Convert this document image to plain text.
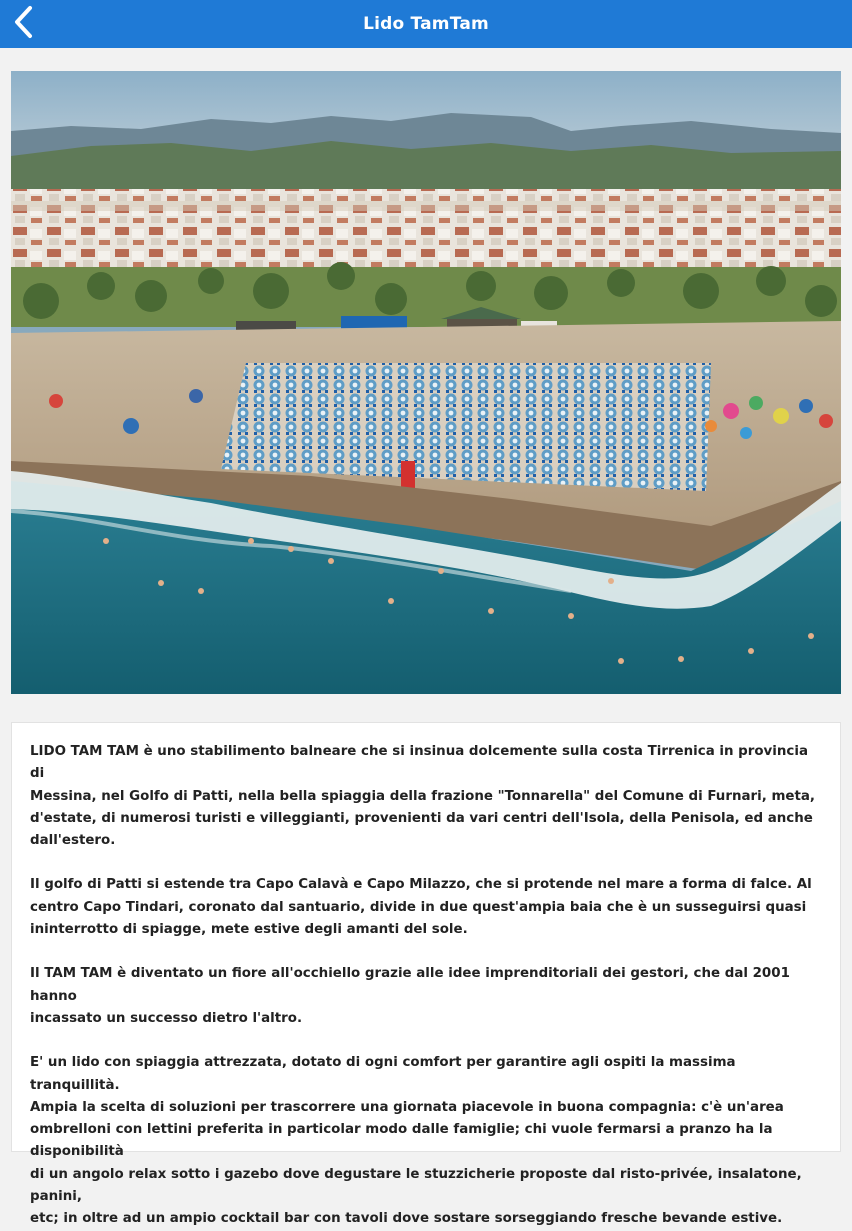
Lido TamTam

LIDO TAM TAM è uno stabilimento balneare che si insinua dolcemente sulla costa Tirrenica in provincia di
Messina, nel Golfo di Patti, nella bella spiaggia della frazione "Tonnarella" del Comune di Furnari, meta,
d'estate, di numerosi turisti e villeggianti, provenienti da vari centri dell'Isola, della Penisola, ed anche
dall'estero.

Il golfo di Patti si estende tra Capo Calavà e Capo Milazzo, che si protende nel mare a forma di falce. Al
centro Capo Tindari, coronato dal santuario, divide in due quest'ampia baia che è un susseguirsi quasi
ininterrotto di spiagge, mete estive degli amanti del sole.

Il TAM TAM è diventato un fiore all'occhiello grazie alle idee imprenditoriali dei gestori, che dal 2001 hanno
incassato un successo dietro l'altro.

E' un lido con spiaggia attrezzata, dotato di ogni comfort per garantire agli ospiti la massima tranquillità.
Ampia la scelta di soluzioni per trascorrere una giornata piacevole in buona compagnia: c'è un'area
ombrelloni con lettini preferita in particolar modo dalle famiglie; chi vuole fermarsi a pranzo ha la disponibilità
di un angolo relax sotto i gazebo dove degustare le stuzzicherie proposte dal risto-privée, insalatone, panini,
etc; in oltre ad un ampio cocktail bar con tavoli dove sostare sorseggiando fresche bevande estive.
